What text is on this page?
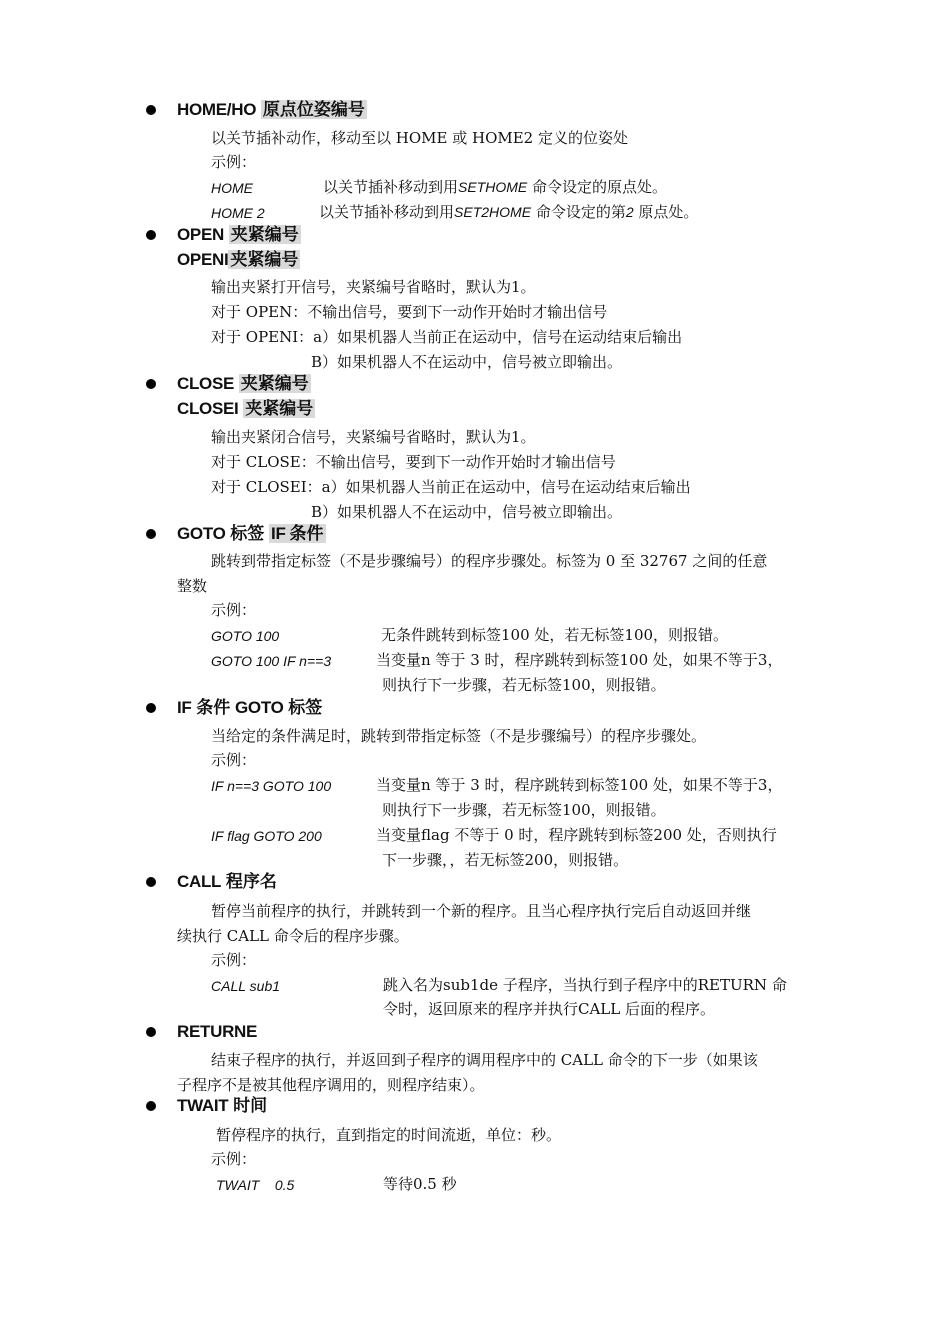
HOME/HO 原点位姿编号
以关节插补动作，移动至以 HOME 或 HOME2 定义的位姿处
示例：
HOME	以关节插补移动到用SETHOME 命令设定的原点处。
HOME 2	以关节插补移动到用SET2HOME 命令设定的第2 原点处。
OPEN 夹紧编号
OPENI 夹紧编号
输出夹紧打开信号，夹紧编号省略时，默认为1。
对于 OPEN：不输出信号，要到下一动作开始时才输出信号
对于 OPENI：a）如果机器人当前正在运动中，信号在运动结束后输出
B）如果机器人不在运动中，信号被立即输出。
CLOSE 夹紧编号
CLOSEI 夹紧编号
输出夹紧闭合信号，夹紧编号省略时，默认为1。
对于 CLOSE：不输出信号，要到下一动作开始时才输出信号
对于 CLOSEI：a）如果机器人当前正在运动中，信号在运动结束后输出
B）如果机器人不在运动中，信号被立即输出。
GOTO 标签 IF 条件
跳转到带指定标签（不是步骤编号）的程序步骤处。标签为 0 至 32767 之间的任意
整数
示例：
GOTO 100	无条件跳转到标签100 处，若无标签100，则报错。
GOTO 100 IF n==3	当变量n 等于 3 时，程序跳转到标签100 处，如果不等于3，
则执行下一步骤，若无标签100，则报错。
IF 条件 GOTO 标签
当给定的条件满足时，跳转到带指定标签（不是步骤编号）的程序步骤处。
示例：
IF n==3 GOTO 100	当变量n 等于 3 时，程序跳转到标签100 处，如果不等于3，
则执行下一步骤，若无标签100，则报错。
IF flag GOTO 200	当变量flag 不等于 0 时，程序跳转到标签200 处，否则执行
下一步骤，，若无标签200，则报错。
CALL 程序名
暂停当前程序的执行，并跳转到一个新的程序。且当心程序执行完后自动返回并继
续执行 CALL 命令后的程序步骤。
示例：
CALL sub1	跳入名为sub1de 子程序，当执行到子程序中的RETURN 命
令时，返回原来的程序并执行CALL 后面的程序。
RETURNE
结束子程序的执行，并返回到子程序的调用程序中的 CALL 命令的下一步（如果该
子程序不是被其他程序调用的，则程序结束）。
TWAIT 时间
暂停程序的执行，直到指定的时间流逝，单位：秒。
示例：
TWAIT    0.5	等待0.5 秒
